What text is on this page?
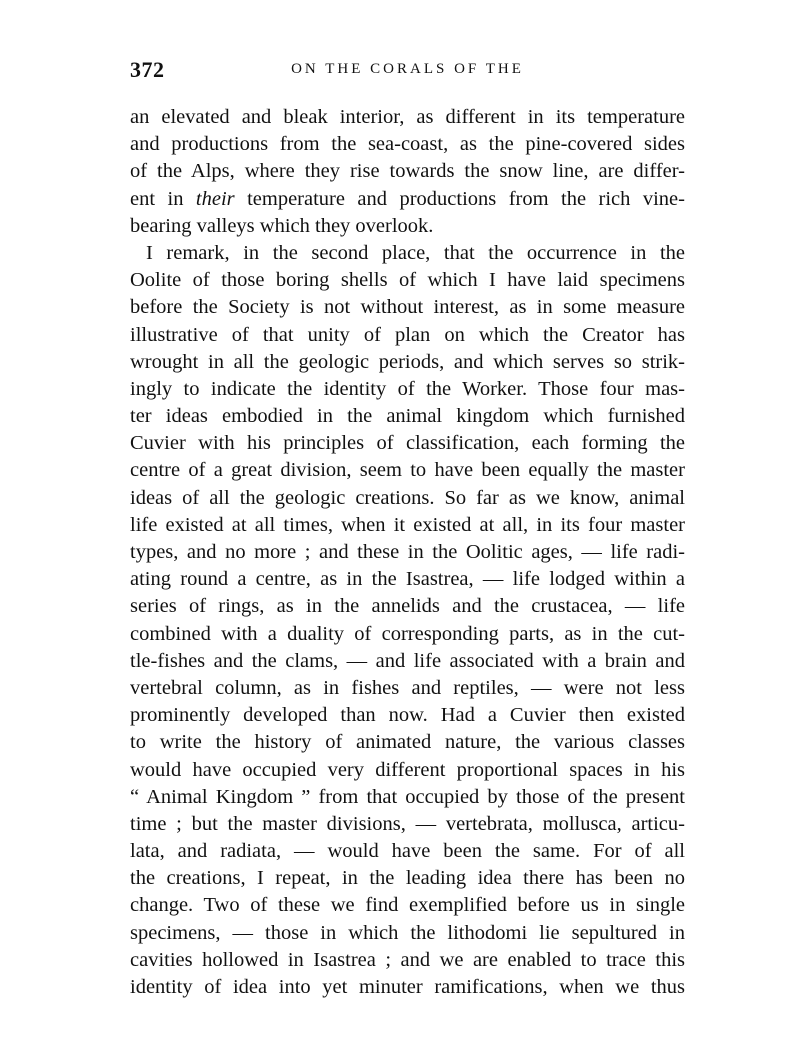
372	ON THE CORALS OF THE
an elevated and bleak interior, as different in its temperature
and productions from the sea-coast, as the pine-covered sides
of the Alps, where they rise towards the snow line, are differ-
ent in their temperature and productions from the rich vine-
bearing valleys which they overlook.
I remark, in the second place, that the occurrence in the
Oolite of those boring shells of which I have laid specimens
before the Society is not without interest, as in some measure
illustrative of that unity of plan on which the Creator has
wrought in all the geologic periods, and which serves so strik-
ingly to indicate the identity of the Worker. Those four mas-
ter ideas embodied in the animal kingdom which furnished
Cuvier with his principles of classification, each forming the
centre of a great division, seem to have been equally the master
ideas of all the geologic creations. So far as we know, animal
life existed at all times, when it existed at all, in its four master
types, and no more ; and these in the Oolitic ages, — life radi-
ating round a centre, as in the Isastrea, — life lodged within a
series of rings, as in the annelids and the crustacea, — life
combined with a duality of corresponding parts, as in the cut-
tle-fishes and the clams, — and life associated with a brain and
vertebral column, as in fishes and reptiles, — were not less
prominently developed than now. Had a Cuvier then existed
to write the history of animated nature, the various classes
would have occupied very different proportional spaces in his
“ Animal Kingdom ” from that occupied by those of the present
time ; but the master divisions, — vertebrata, mollusca, articu-
lata, and radiata, — would have been the same. For of all
the creations, I repeat, in the leading idea there has been no
change. Two of these we find exemplified before us in single
specimens, — those in which the lithodomi lie sepultured in
cavities hollowed in Isastrea ; and we are enabled to trace this
identity of idea into yet minuter ramifications, when we thus
